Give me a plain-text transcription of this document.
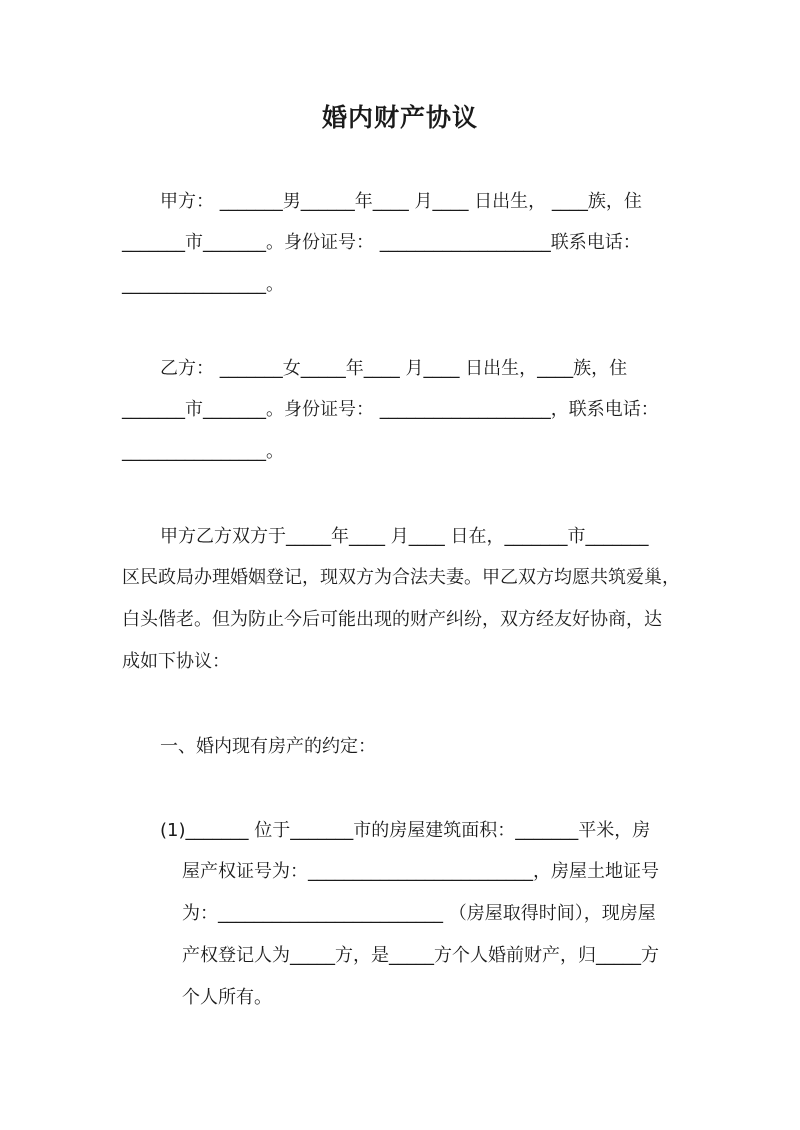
婚内财产协议
甲方： _______男______年____ 月____ 日出生， ____族，住
_______市_______。身份证号： ___________________联系电话：
________________。
乙方： _______女_____年____ 月____ 日出生，____族，住
_______市_______。身份证号： ___________________，联系电话：
________________。
甲方乙方双方于_____年____ 月____ 日在，_______市_______
区民政局办理婚姻登记，现双方为合法夫妻。甲乙双方均愿共筑爱巢，
白头偕老。但为防止今后可能出现的财产纠纷，双方经友好协商，达
成如下协议：
一、婚内现有房产的约定：
(1)_______ 位于_______市的房屋建筑面积：_______平米，房
屋产权证号为：_________________________，房屋土地证号
为：_________________________ （房屋取得时间），现房屋
产权登记人为_____方，是_____方个人婚前财产，归_____方
个人所有。
